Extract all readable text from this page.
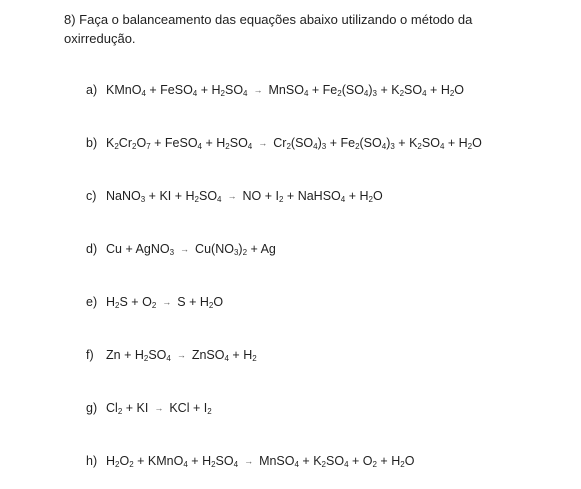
8) Faça o balanceamento das equações abaixo utilizando o método da oxirredução.
a) KMnO$_4$ + FeSO$_4$ + $H_2SO_4$ → MnSO$_4$ + $Fe_2(SO_4)_3 + K_2SO_4 + H_2O$
b) $K_2Cr_2O_7$ + FeSO$_4$ + $H_2SO_4 \to Cr_2(SO_4)_3 + Fe_2(SO_4)_3 + K_2SO_4 + H_2O$
c) NaNO$_3$ + KI + $H_2SO_4$ → NO + $I_2$ + NaHSO$_4$ + $H_2O$
d) Cu + AgNO$_3$ → $Cu(NO_3)_2 + Ag$
e) $H_2S + O_2 \to S + H_2O$
f) $Zn + H_2SO_4$ → ZnSO$_4$ + $H_2$
g) $Cl_2$ + KI → KCl + $I_2$
h) $H_2O_2$ + KMnO$_4$ + $H_2SO_4$ → MnSO$_4$ + $K_2SO_4 + O_2 + H_2O$
